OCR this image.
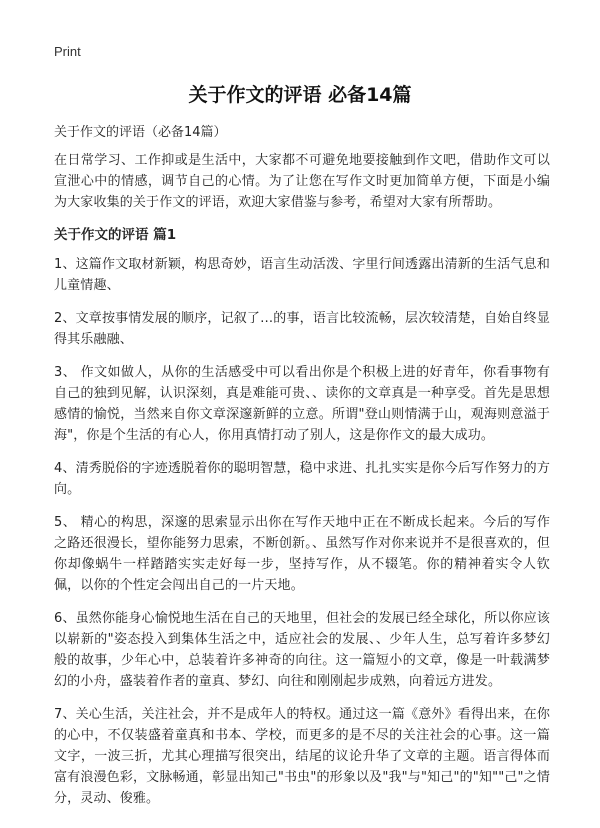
Print
关于作文的评语 必备14篇
关于作文的评语（必备14篇）

在日常学习、工作抑或是生活中，大家都不可避免地要接触到作文吧，借助作文可以宣泄心中的情感，调节自己的心情。为了让您在写作文时更加简单方便，下面是小编为大家收集的关于作文的评语，欢迎大家借鉴与参考，希望对大家有所帮助。

关于作文的评语 篇1

1、这篇作文取材新颖，构思奇妙，语言生动活泼、字里行间透露出清新的生活气息和儿童情趣、

2、文章按事情发展的顺序，记叙了…的事，语言比较流畅，层次较清楚，自始自终显得其乐融融、

3、 作文如做人，从你的生活感受中可以看出你是个积极上进的好青年，你看事物有自己的独到见解，认识深刻，真是难能可贵、、读你的文章真是一种享受。首先是思想感情的愉悦，当然来自你文章深邃新鲜的立意。所谓"登山则情满于山，观海则意溢于海"，你是个生活的有心人，你用真情打动了别人，这是你作文的最大成功。

4、清秀脱俗的字迹透脱着你的聪明智慧，稳中求进、扎扎实实是你今后写作努力的方向。

5、 精心的构思，深邃的思索显示出你在写作天地中正在不断成长起来。今后的写作之路还很漫长，望你能努力思索，不断创新。、虽然写作对你来说并不是很喜欢的，但你却像蜗牛一样踏踏实实走好每一步，坚持写作，从不辍笔。你的精神着实令人钦佩，以你的个性定会闯出自己的一片天地。

6、虽然你能身心愉悦地生活在自己的天地里，但社会的发展已经全球化，所以你应该以崭新的"姿态投入到集体生活之中，适应社会的发展、、少年人生，总写着许多梦幻般的故事，少年心中，总装着许多神奇的向往。这一篇短小的文章，像是一叶载满梦幻的小舟，盛装着作者的童真、梦幻、向往和刚刚起步成熟，向着远方进发。

7、关心生活，关注社会，并不是成年人的特权。通过这一篇《意外》看得出来，在你的心中，不仅装盛着童真和书本、学校，而更多的是不尽的关注社会的心事。这一篇文字，一波三折，尤其心理描写很突出，结尾的议论升华了文章的主题。语言得体而富有浪漫色彩，文脉畅通，彰显出知己"书虫"的形象以及"我"与"知己"的"知""己"之情分，灵动、俊雅。
